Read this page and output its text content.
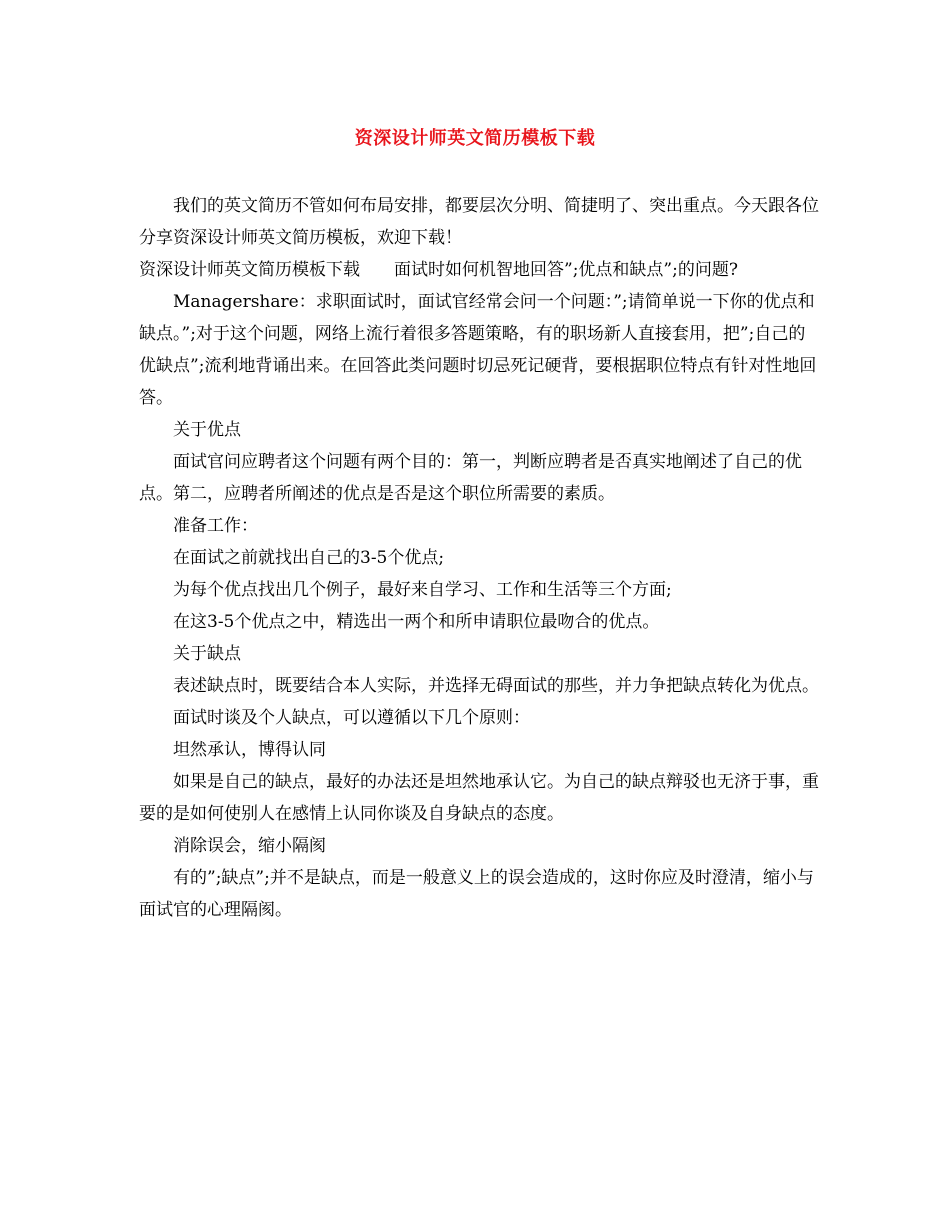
资深设计师英文简历模板下载

我们的英文简历不管如何布局安排，都要层次分明、简捷明了、突出重点。今天跟各位分享资深设计师英文简历模板，欢迎下载！

资深设计师英文简历模板下载　　面试时如何机智地回答”;优点和缺点”;的问题?

Managershare：求职面试时，面试官经常会问一个问题：”;请简单说一下你的优点和缺点。”;对于这个问题，网络上流行着很多答题策略，有的职场新人直接套用，把”;自己的优缺点”;流利地背诵出来。在回答此类问题时切忌死记硬背，要根据职位特点有针对性地回答。

关于优点

面试官问应聘者这个问题有两个目的：第一，判断应聘者是否真实地阐述了自己的优点。第二，应聘者所阐述的优点是否是这个职位所需要的素质。

准备工作：

在面试之前就找出自己的3-5个优点;

为每个优点找出几个例子，最好来自学习、工作和生活等三个方面;

在这3-5个优点之中，精选出一两个和所申请职位最吻合的优点。

关于缺点

表述缺点时，既要结合本人实际，并选择无碍面试的那些，并力争把缺点转化为优点。

面试时谈及个人缺点，可以遵循以下几个原则：

坦然承认，博得认同

如果是自己的缺点，最好的办法还是坦然地承认它。为自己的缺点辩驳也无济于事，重要的是如何使别人在感情上认同你谈及自身缺点的态度。

消除误会，缩小隔阂

有的”;缺点”;并不是缺点，而是一般意义上的误会造成的，这时你应及时澄清，缩小与面试官的心理隔阂。
